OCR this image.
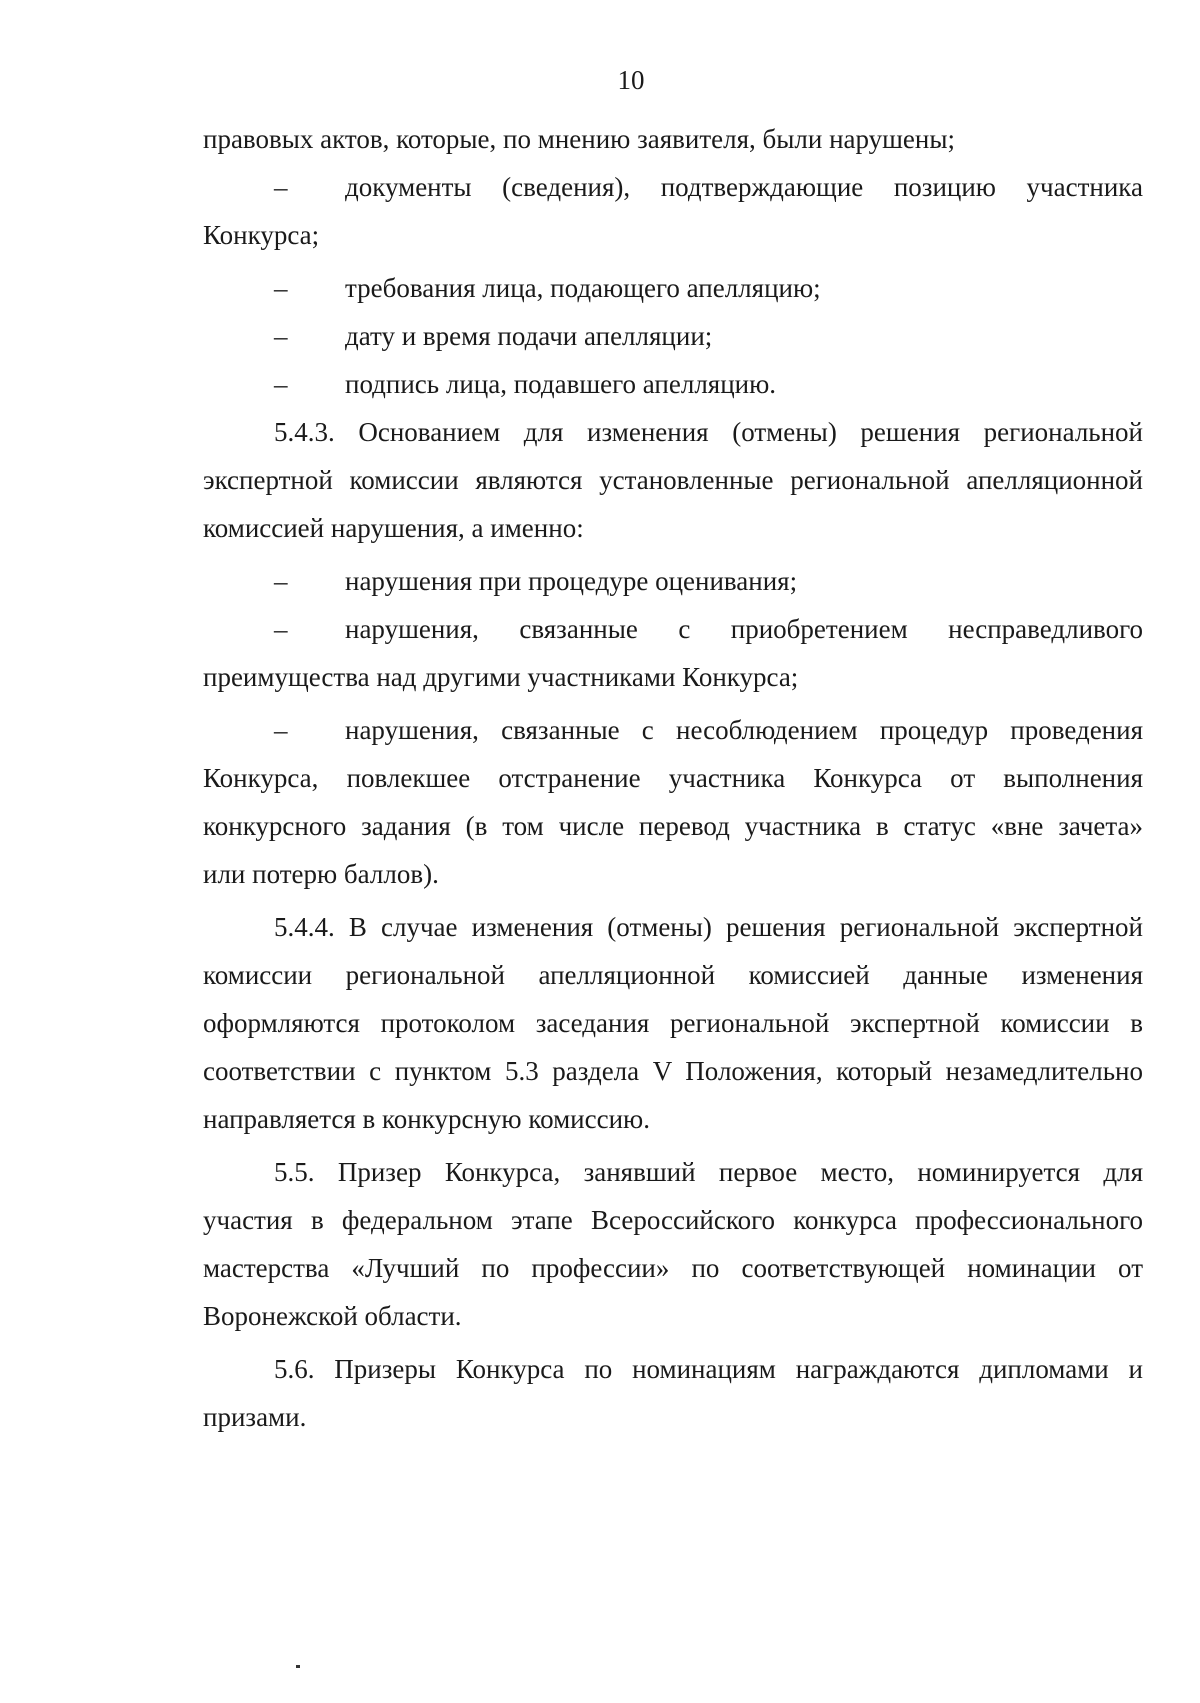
10
правовых актов, которые, по мнению заявителя, были нарушены;
–	документы (сведения), подтверждающие позицию участника
Конкурса;
–	требования лица, подающего апелляцию;
–	дату и время подачи апелляции;
–	подпись лица, подавшего апелляцию.
5.4.3. Основанием для изменения (отмены) решения региональной
экспертной комиссии являются установленные региональной апелляционной
комиссией нарушения, а именно:
–	нарушения при процедуре оценивания;
–	нарушения, связанные с приобретением несправедливого
преимущества над другими участниками Конкурса;
–	нарушения, связанные с несоблюдением процедур проведения
Конкурса, повлекшее отстранение участника Конкурса от выполнения
конкурсного задания (в том числе перевод участника в статус «вне зачета»
или потерю баллов).
5.4.4. В случае изменения (отмены) решения региональной экспертной
комиссии региональной апелляционной комиссией данные изменения
оформляются протоколом заседания региональной экспертной комиссии в
соответствии с пунктом 5.3 раздела V Положения, который незамедлительно
направляется в конкурсную комиссию.
5.5. Призер Конкурса, занявший первое место, номинируется для
участия в федеральном этапе Всероссийского конкурса профессионального
мастерства «Лучший по профессии» по соответствующей номинации от
Воронежской области.
5.6. Призеры Конкурса по номинациям награждаются дипломами и
призами.
